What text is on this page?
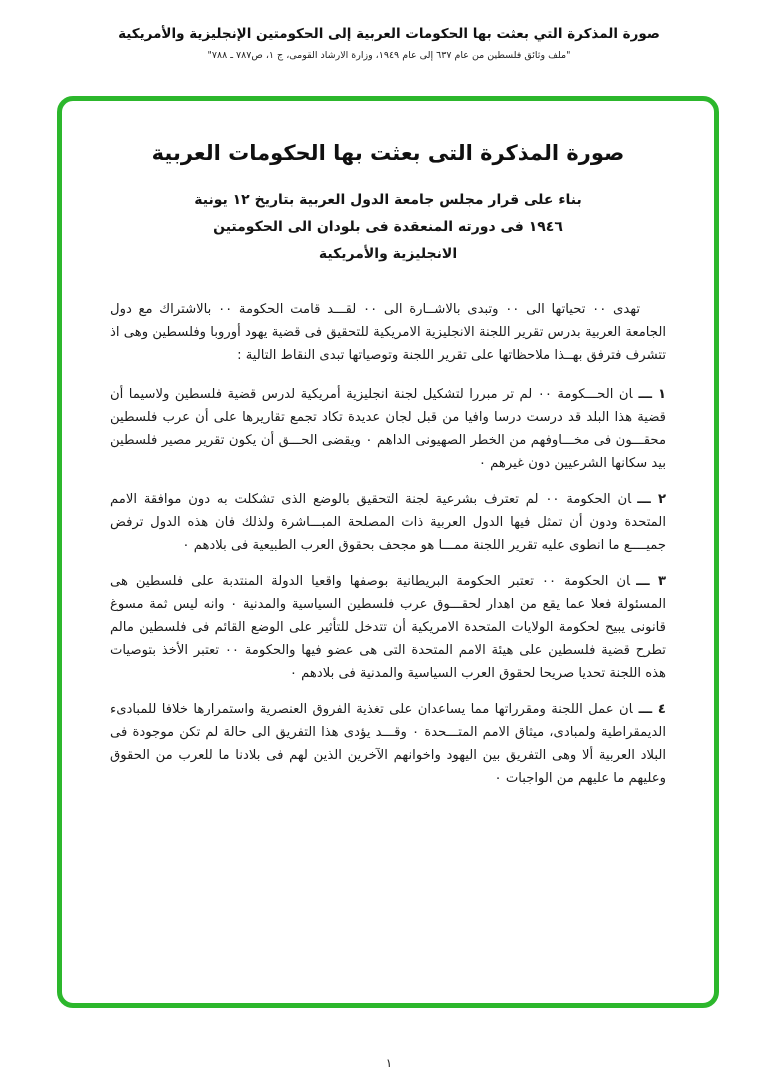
صورة المذكرة التي بعثت بها الحكومات العربية إلى الحكومتين الإنجليزية والأمريكية
"ملف وثائق فلسطين من عام ٦٣٧ إلى عام ١٩٤٩، وزارة الارشاد القومى، ج ١، ص٧٨٧ ـ ٧٨٨"
صورة المذكرة التى بعثت بها الحكومات العربية
بناء على قرار مجلس جامعة الدول العربية بتاريخ ١٢ يونية
١٩٤٦ فى دورته المنعقدة فى بلودان الى الحكومتين
الانجليزية والأمريكية

تهدى ٠٠ تحياتها الى ٠٠ وتبدى بالاشــارة الى ٠٠ لقـــد قامت الحكومة ٠٠ بالاشتراك مع دول الجامعة العربية بدرس تقرير اللجنة الانجليزية الامريكية للتحقيق فى قضية يهود أوروبا وفلسطين وهى اذ تتشرف فترفق بهــذا ملاحظاتها على تقرير اللجنة وتوصياتها تبدى النقاط التالية :

١ ـــان الحـــكومة ٠٠ لم تر مبررا لتشكيل لجنة انجليزية أمريكية لدرس قضية فلسطين ولاسيما أن قضية هذا البلد قد درست درسا وافيا من قبل لجان عديدة تكاد تجمع تقاريرها على أن عرب فلسطين محقـــون فى مخـــاوفهم من الخطر الصهيونى الداهم ٠ ويقضى الحـــق أن يكون تقرير مصير فلسطين بيد سكانها الشرعيين دون غيرهم ٠
٢ ـــان الحكومة ٠٠ لم تعترف بشرعية لجنة التحقيق بالوضع الذى تشكلت به دون موافقة الامم المتحدة ودون أن تمثل فيها الدول العربية ذات المصلحة المبـــاشرة ولذلك فان هذه الدول ترفض جميــــع ما انطوى عليه تقرير اللجنة ممـــا هو مجحف بحقوق العرب الطبيعية فى بلادهم ٠
٣ ـــان الحكومة ٠٠ تعتبر الحكومة البريطانية بوصفها واقعيا الدولة المنتدبة على فلسطين هى المسئولة فعلا عما يقع من اهدار لحقـــوق عرب فلسطين السياسية والمدنية ٠ وانه ليس ثمة مسوغ قانونى يبيح لحكومة الولايات المتحدة الامريكية أن تتدخل للتأثير على الوضع القائم فى فلسطين مالم تطرح قضية فلسطين على هيئة الامم المتحدة التى هى عضو فيها والحكومة ٠٠ تعتبر الأخذ بتوصيات هذه اللجنة تحديا صريحا لحقوق العرب السياسية والمدنية فى بلادهم ٠
٤ ـــان عمل اللجنة ومقرراتها مما يساعدان على تغذية الفروق العنصرية واستمرارها خلافا للمبادىء الديمقراطية ولمبادى، ميثاق الامم المتـــحدة ٠ وقـــد يؤدى هذا التفريق الى حالة لم تكن موجودة فى البلاد العربية ألا وهى التفريق بين اليهود واخوانهم الآخرين الذين لهم فى بلادنا ما للعرب من الحقوق وعليهم ما عليهم من الواجبات ٠
١
